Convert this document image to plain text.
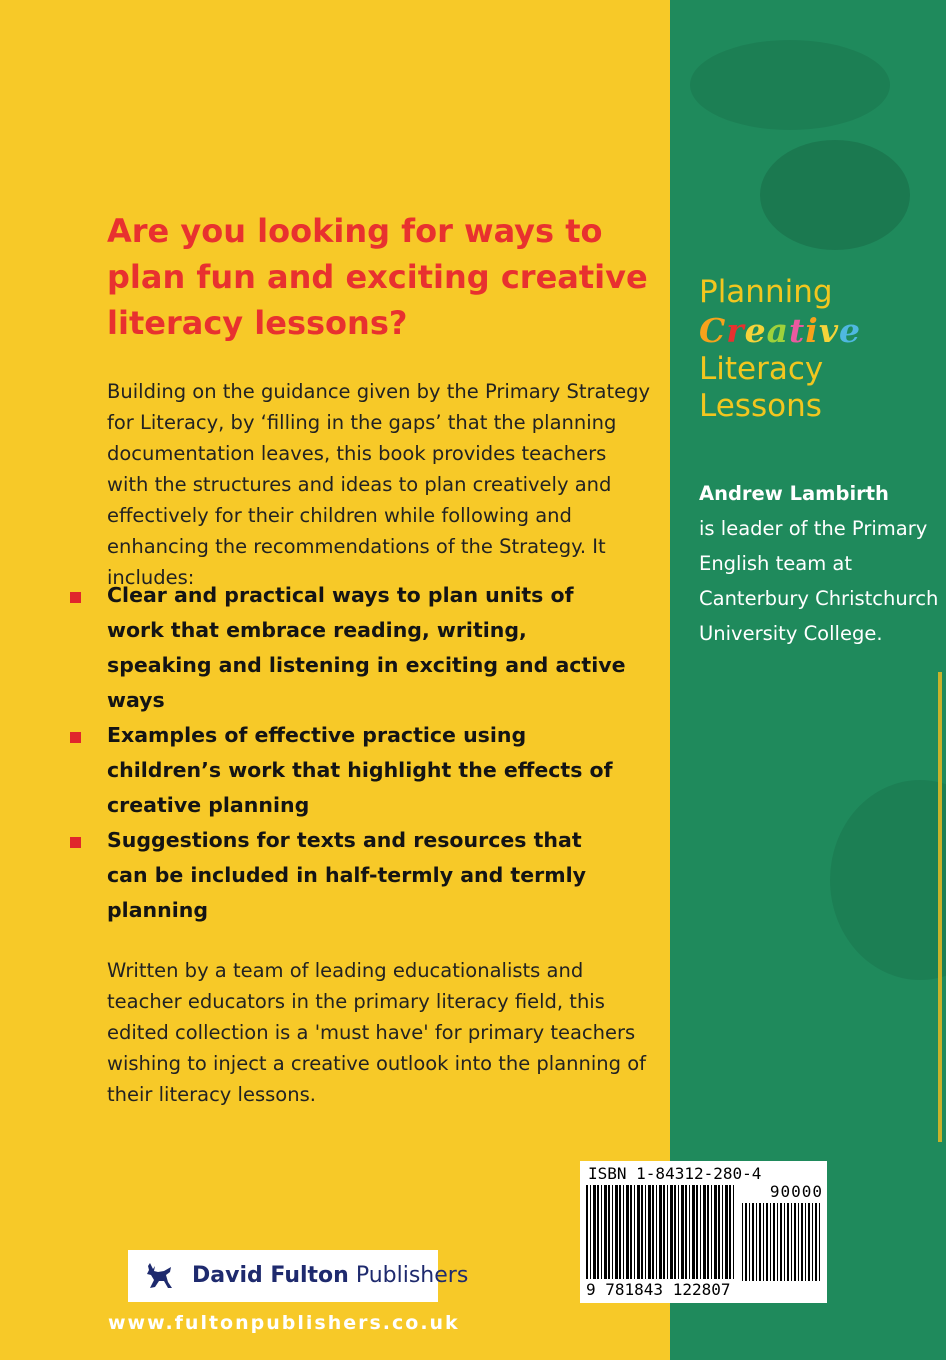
Are you looking for ways to plan fun and exciting creative literacy lessons?

Building on the guidance given by the Primary Strategy for Literacy, by ‘filling in the gaps’ that the planning documentation leaves, this book provides teachers with the structures and ideas to plan creatively and effectively for their children while following and enhancing the recommendations of the Strategy. It includes:

Clear and practical ways to plan units of work that embrace reading, writing, speaking and listening in exciting and active ways
Examples of effective practice using children’s work that highlight the effects of creative planning
Suggestions for texts and resources that can be included in half-termly and termly planning

Written by a team of leading educationalists and teacher educators in the primary literacy field, this edited collection is a 'must have' for primary teachers wishing to inject a creative outlook into the planning of their literacy lessons.

Planning
Creative
Literacy
Lessons
Andrew Lambirth
is leader of the Primary English team at Canterbury Christchurch University College.
David Fulton Publishers
www.fultonpublishers.co.uk
ISBN 1-84312-280-4
90000
9 781843 122807
